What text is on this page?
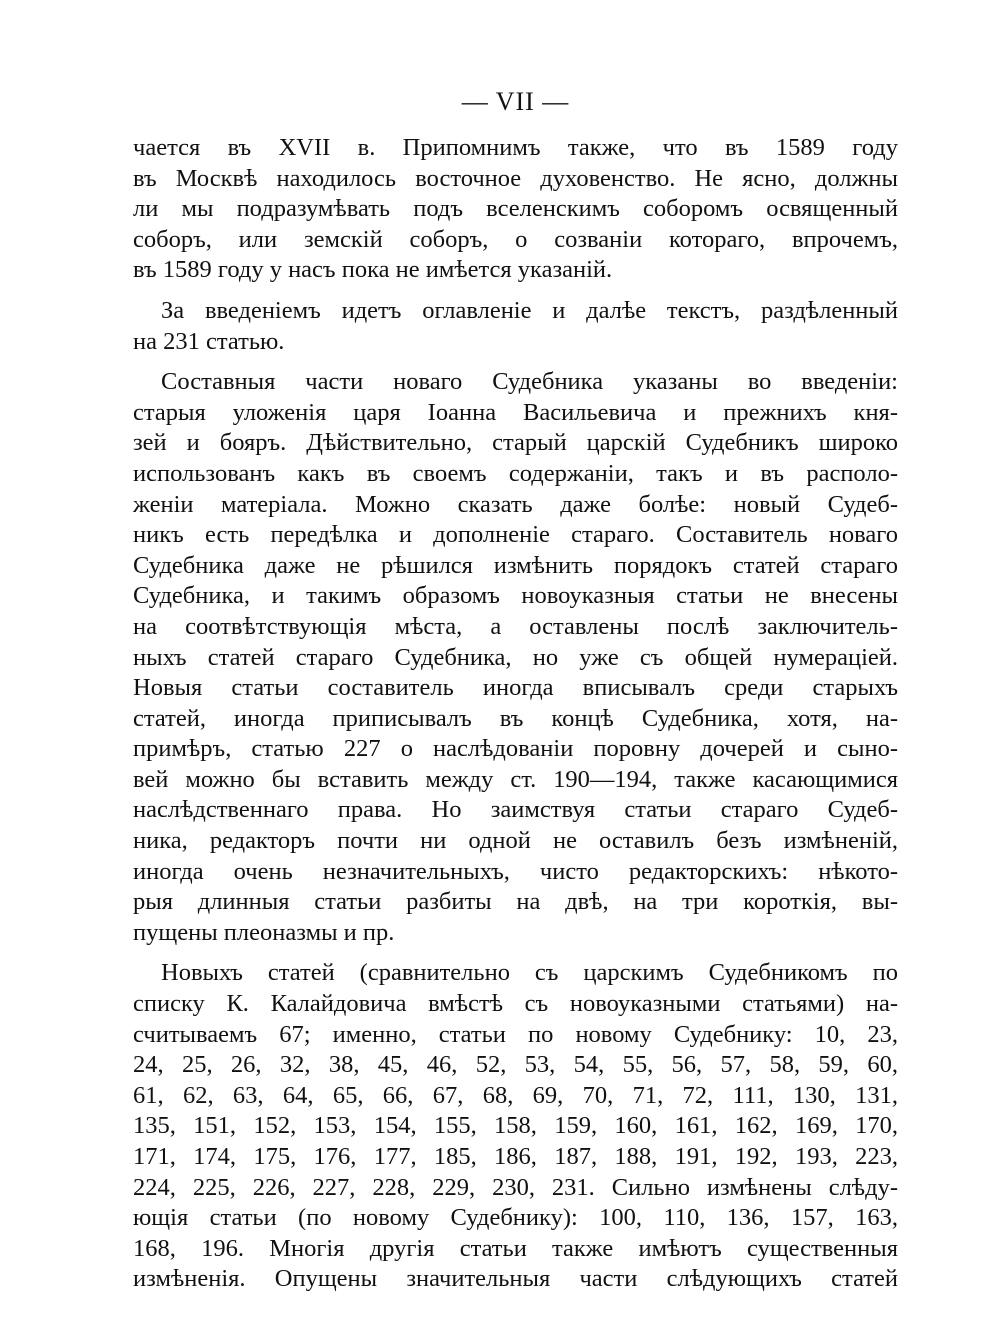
— VII —
чается въ XVII в. Припомнимъ также, что въ 1589 году
въ Москвѣ находилось восточное духовенство. Не ясно, должны
ли мы подразумѣвать подъ вселенскимъ соборомъ освященный
соборъ, или земскій соборъ, о созваніи котораго, впрочемъ,
въ 1589 году у насъ пока не имѣется указаній.
За введеніемъ идетъ оглавленіе и далѣе текстъ, раздѣленный
на 231 статью.
Составныя части новаго Судебника указаны во введеніи:
старыя уложенія царя Іоанна Васильевича и прежнихъ кня-
зей и бояръ. Дѣйствительно, старый царскій Судебникъ широко
использованъ какъ въ своемъ содержаніи, такъ и въ располо-
женіи матеріала. Можно сказать даже болѣе: новый Судеб-
никъ есть передѣлка и дополненіе стараго. Составитель новаго
Судебника даже не рѣшился измѣнить порядокъ статей стараго
Судебника, и такимъ образомъ новоуказныя статьи не внесены
на соотвѣтствующія мѣста, а оставлены послѣ заключитель-
ныхъ статей стараго Судебника, но уже съ общей нумераціей.
Новыя статьи составитель иногда вписывалъ среди старыхъ
статей, иногда приписывалъ въ концѣ Судебника, хотя, на-
примѣръ, статью 227 о наслѣдованіи поровну дочерей и сыно-
вей можно бы вставить между ст. 190—194, также касающимися
наслѣдственнаго права. Но заимствуя статьи стараго Судеб-
ника, редакторъ почти ни одной не оставилъ безъ измѣненій,
иногда очень незначительныхъ, чисто редакторскихъ: нѣкото-
рыя длинныя статьи разбиты на двѣ, на три короткія, вы-
пущены плеоназмы и пр.
Новыхъ статей (сравнительно съ царскимъ Судебникомъ по
списку К. Калайдовича вмѣстѣ съ новоуказными статьями) на-
считываемъ 67; именно, статьи по новому Судебнику: 10, 23,
24, 25, 26, 32, 38, 45, 46, 52, 53, 54, 55, 56, 57, 58, 59, 60,
61, 62, 63, 64, 65, 66, 67, 68, 69, 70, 71, 72, 111, 130, 131,
135, 151, 152, 153, 154, 155, 158, 159, 160, 161, 162, 169, 170,
171, 174, 175, 176, 177, 185, 186, 187, 188, 191, 192, 193, 223,
224, 225, 226, 227, 228, 229, 230, 231. Сильно измѣнены слѣду-
ющія статьи (по новому Судебнику): 100, 110, 136, 157, 163,
168, 196. Многія другія статьи также имѣютъ существенныя
измѣненія. Опущены значительныя части слѣдующихъ статей
